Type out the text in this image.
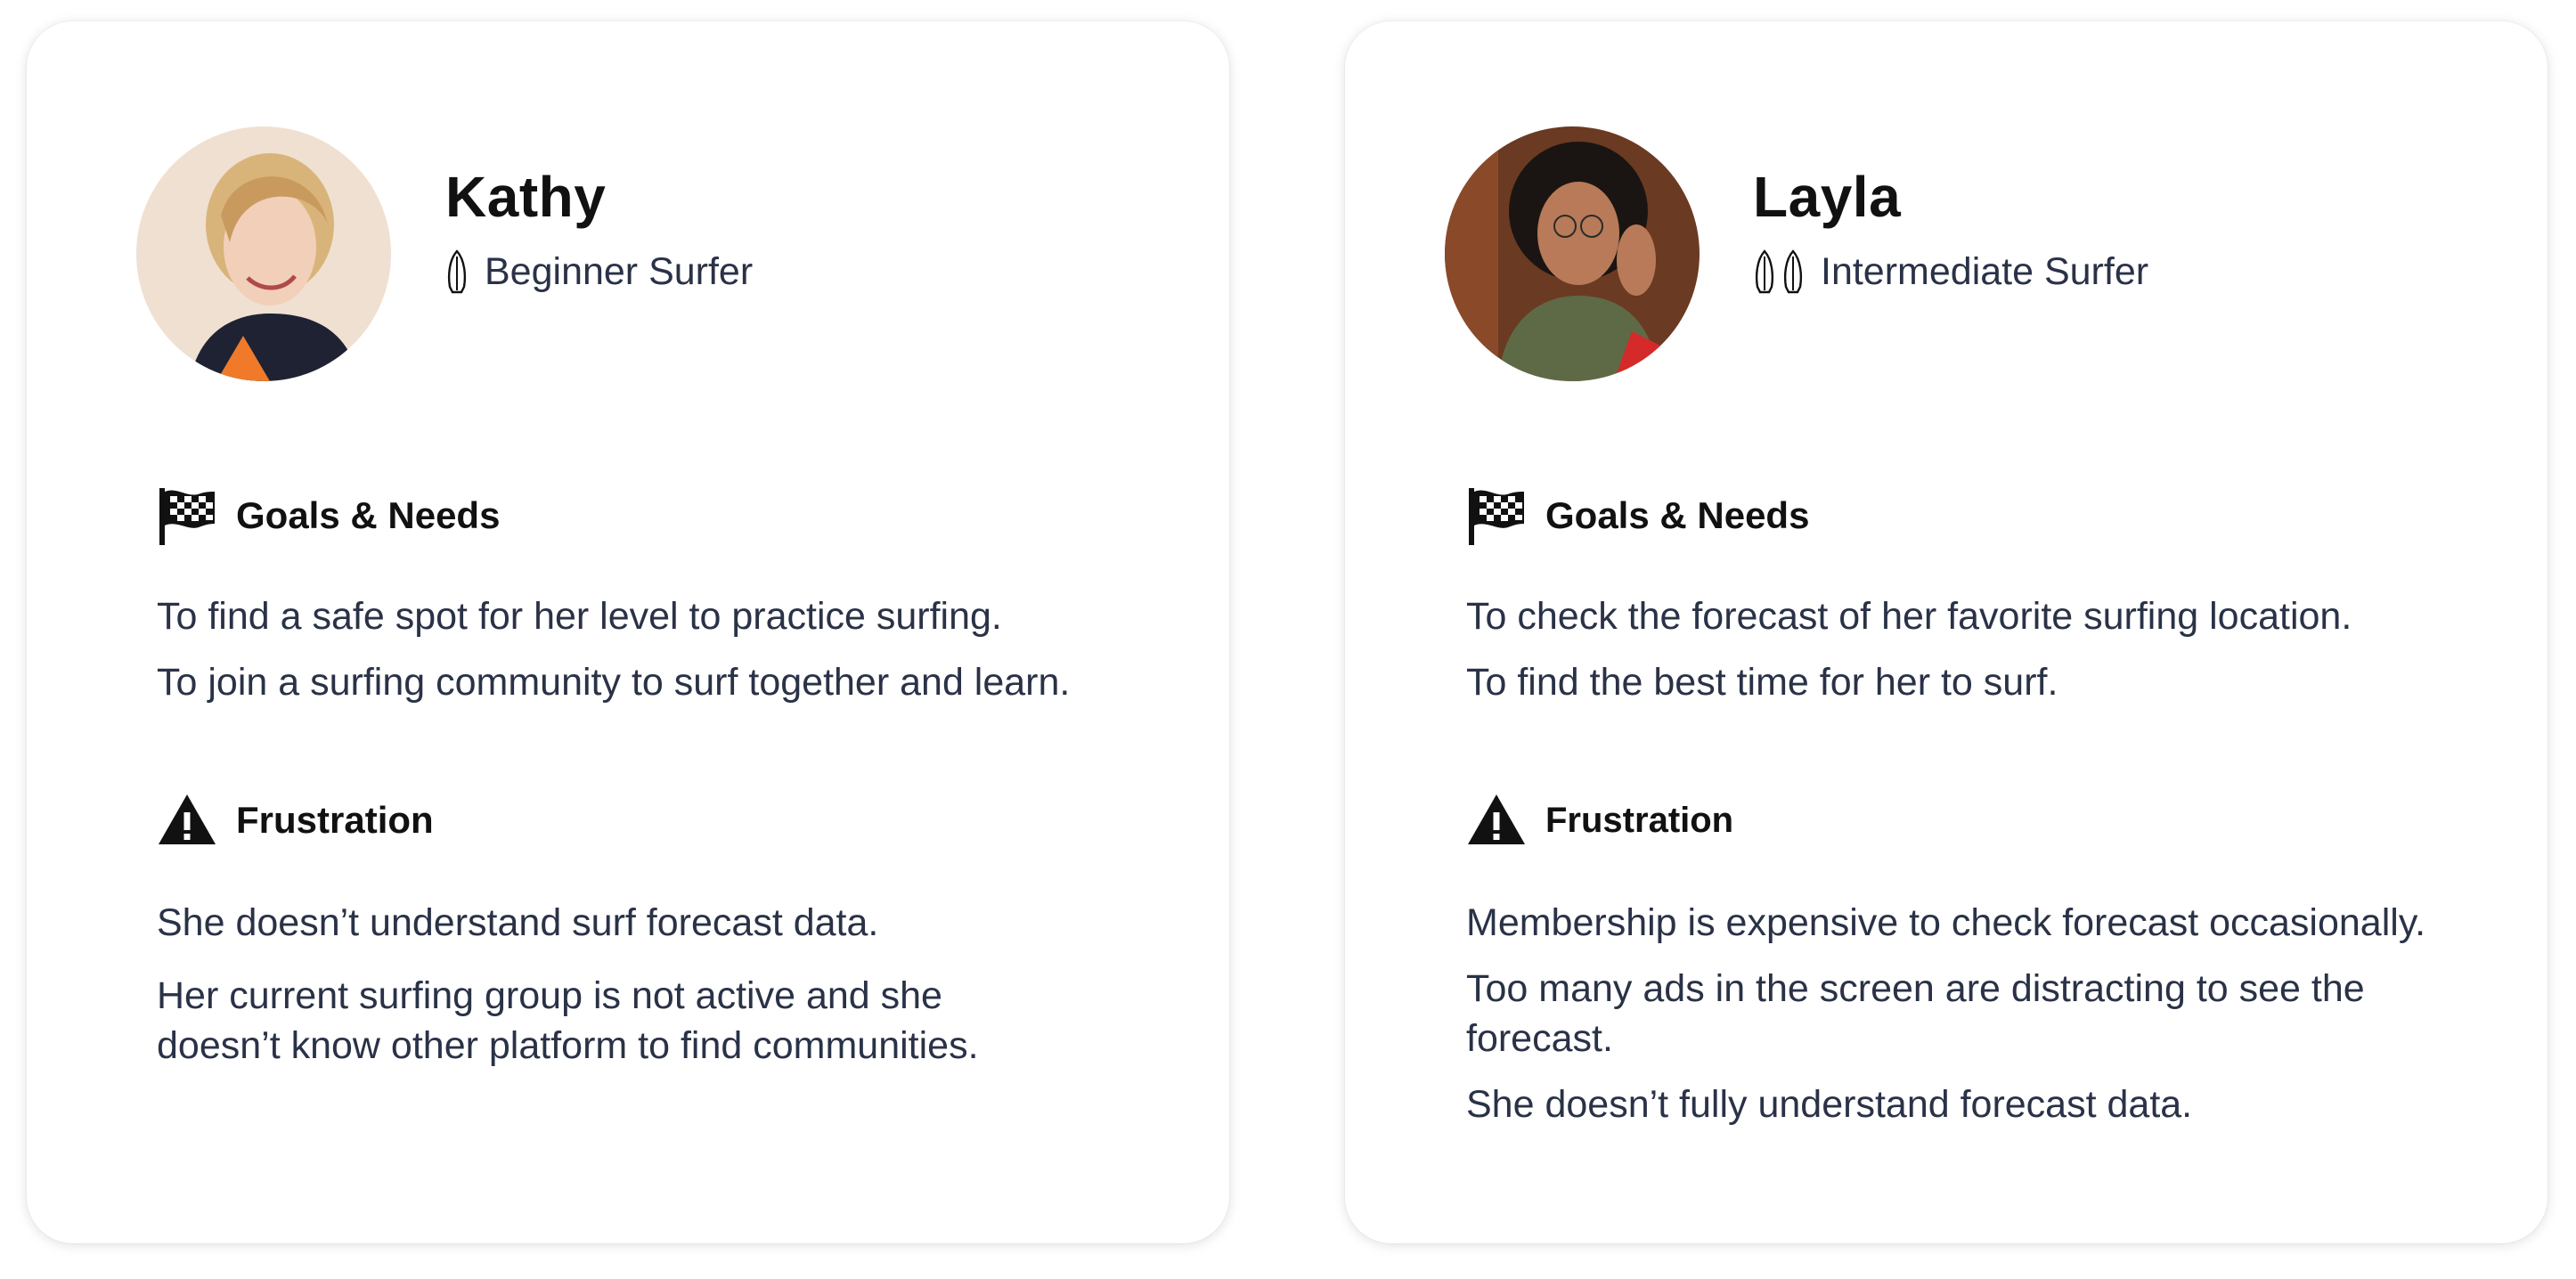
Kathy
Beginner Surfer
Goals & Needs

To find a safe spot for her level to practice surfing.

To join a surfing community to surf together and learn.

Frustration

She doesn’t understand surf forecast data.

Her current surfing group is not active and she doesn’t know other platform to find communities.

Layla
Intermediate Surfer
Goals & Needs

To check the forecast of her favorite surfing location.

To find the best time for her to surf.

Frustration

Membership is expensive to check forecast occasionally.

Too many ads in the screen are distracting to see the forecast.

She doesn’t fully understand forecast data.
